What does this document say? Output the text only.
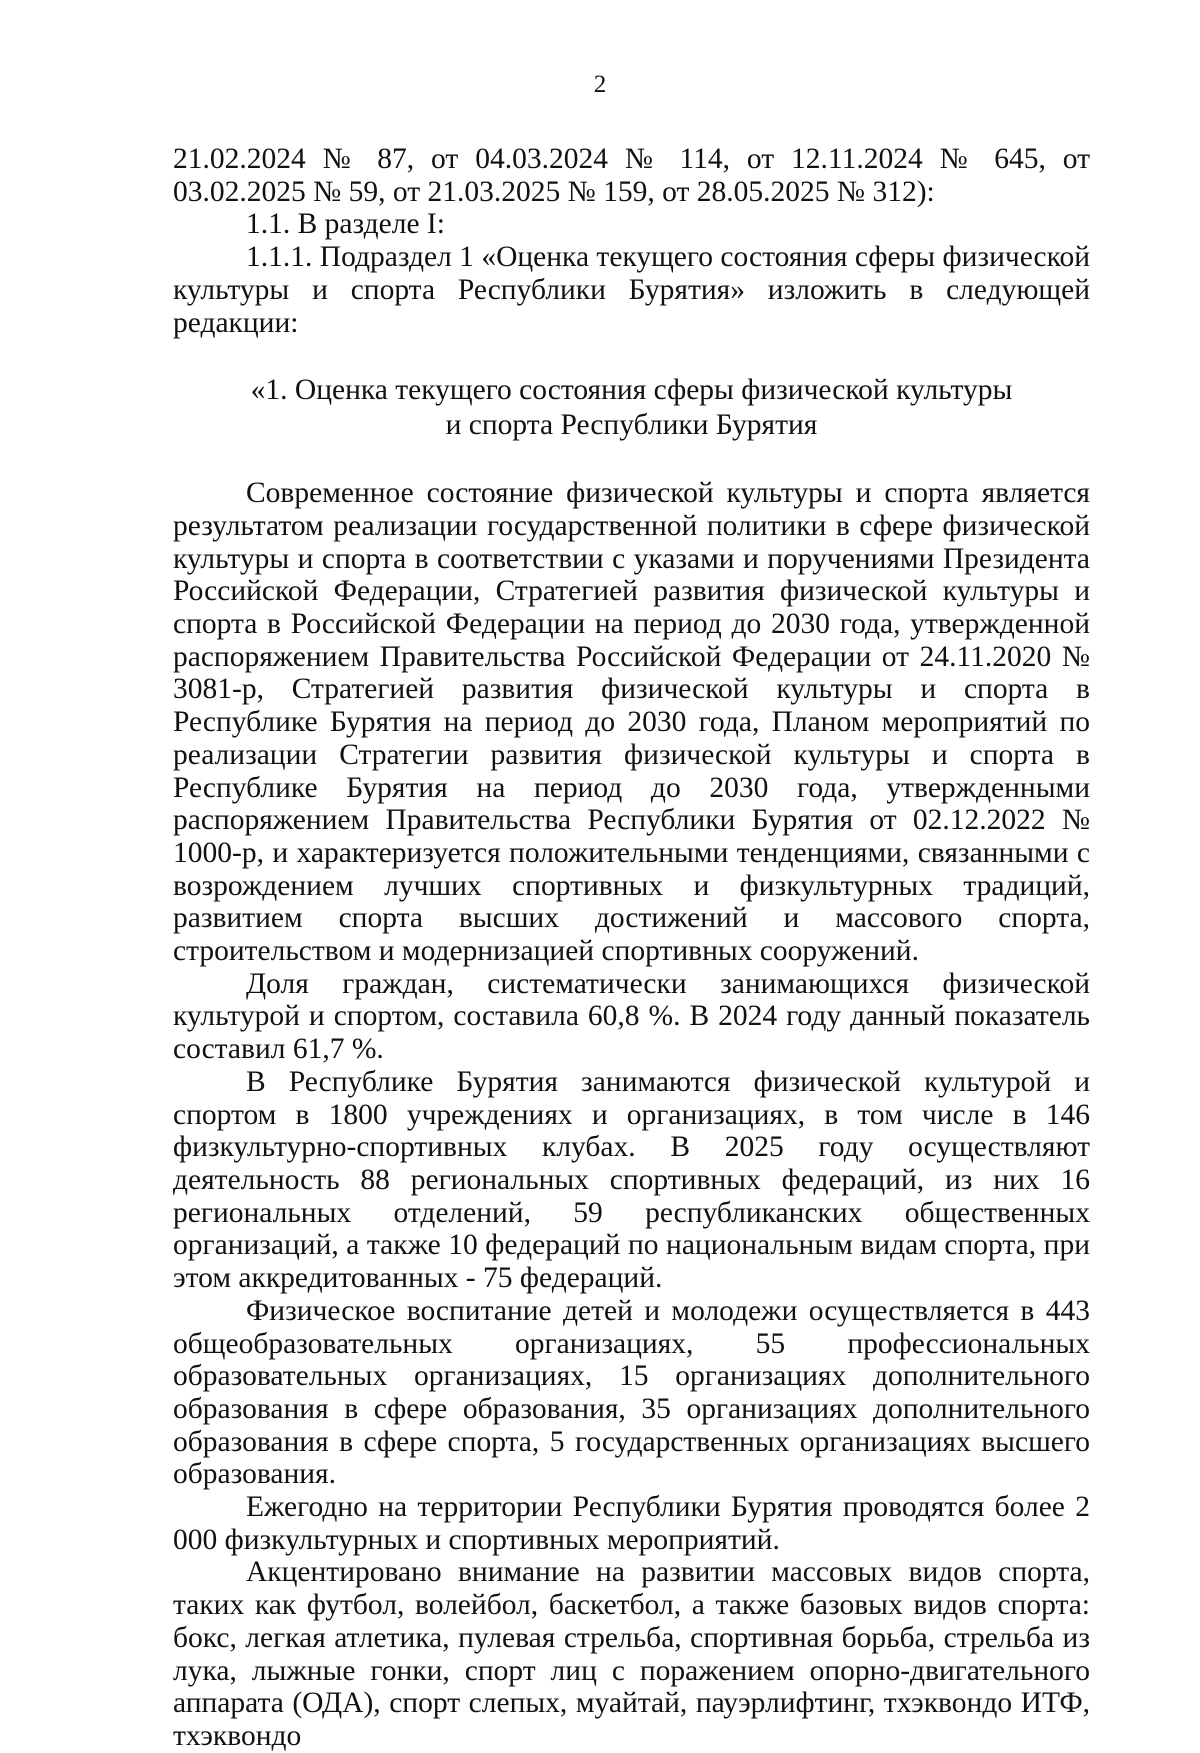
2

21.02.2024 № 87, от 04.03.2024 № 114, от 12.11.2024 № 645, от 03.02.2025 № 59, от 21.03.2025 № 159, от 28.05.2025 № 312):

1.1. В разделе I:

1.1.1. Подраздел 1 «Оценка текущего состояния сферы физической культуры и спорта Республики Бурятия» изложить в следующей редакции:

«1. Оценка текущего состояния сферы физической культуры
и спорта Республики Бурятия

Современное состояние физической культуры и спорта является результатом реализации государственной политики в сфере физической культуры и спорта в соответствии с указами и поручениями Президента Российской Федерации, Стратегией развития физической культуры и спорта в Российской Федерации на период до 2030 года, утвержденной распоряжением Правительства Российской Федерации от 24.11.2020 № 3081-р, Стратегией развития физической культуры и спорта в Республике Бурятия на период до 2030 года, Планом мероприятий по реализации Стратегии развития физической культуры и спорта в Республике Бурятия на период до 2030 года, утвержденными распоряжением Правительства Республики Бурятия от 02.12.2022 № 1000-р, и характеризуется положительными тенденциями, связанными с возрождением лучших спортивных и физкультурных традиций, развитием спорта высших достижений и массового спорта, строительством и модернизацией спортивных сооружений.

Доля граждан, систематически занимающихся физической культурой и спортом, составила 60,8 %. В 2024 году данный показатель составил 61,7 %.

В Республике Бурятия занимаются физической культурой и спортом в 1800 учреждениях и организациях, в том числе в 146 физкультурно-спортивных клубах. В 2025 году осуществляют деятельность 88 региональных спортивных федераций, из них 16 региональных отделений, 59 республиканских общественных организаций, а также 10 федераций по национальным видам спорта, при этом аккредитованных - 75 федераций.

Физическое воспитание детей и молодежи осуществляется в 443 общеобразовательных организациях, 55 профессиональных образовательных организациях, 15 организациях дополнительного образования в сфере образования, 35 организациях дополнительного образования в сфере спорта, 5 государственных организациях высшего образования.

Ежегодно на территории Республики Бурятия проводятся более 2 000 физкультурных и спортивных мероприятий.

Акцентировано внимание на развитии массовых видов спорта, таких как футбол, волейбол, баскетбол, а также базовых видов спорта: бокс, легкая атлетика, пулевая стрельба, спортивная борьба, стрельба из лука, лыжные гонки, спорт лиц с поражением опорно-двигательного аппарата (ОДА), спорт слепых, муайтай, пауэрлифтинг, тхэквондо ИТФ, тхэквондо
